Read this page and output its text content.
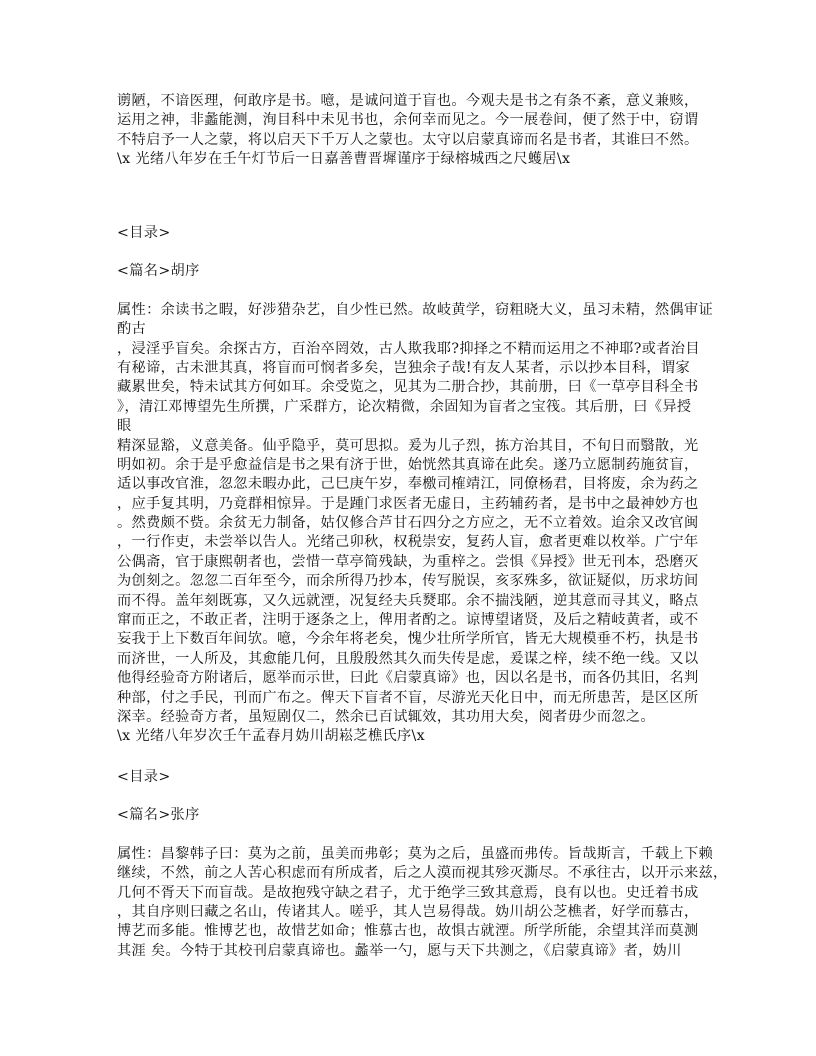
谫陋，不谙医理，何敢序是书。噫，是诚问道于盲也。今观夫是书之有条不紊，意义兼赅，
运用之神，非蠡能测，洵目科中未见书也，余何幸而见之。今一展卷间，便了然于中，窃谓
不特启予一人之蒙，将以启天下千万人之蒙也。太守以启蒙真谛而名是书者，其谁曰不然。
\x 光绪八年岁在壬午灯节后一日嘉善曹晋墀谨序于绿榕城西之尺蠖居\x
<目录>
<篇名>胡序
属性：余读书之暇，好涉猎杂艺，自少性已然。故岐黄学，窃粗晓大义，虽习未精，然偶审证
酌古
，浸淫乎盲矣。余探古方，百治卒罔效，古人欺我耶?抑择之不精而运用之不神耶?或者治目
有秘谛，古未泄其真，将盲而可悯者多矣，岂独余子哉!有友人某者，示以抄本目科，谓家
藏累世矣，特未试其方何如耳。余受览之，见其为二册合抄，其前册，曰《一草亭目科全书
》，清江邓博望先生所撰，广采群方，论次精微，余固知为盲者之宝筏。其后册，曰《异授
眼
精深显豁，义意美备。仙乎隐乎，莫可思拟。爰为儿子烈，拣方治其目，不旬日而翳散，光
明如初。余于是乎愈益信是书之果有济于世，始恍然其真谛在此矣。遂乃立愿制药施贫盲，
适以事改官淮，忽忽未暇办此，己巳庚午岁，奉檄司榷靖江，同僚杨君，目将废，余为药之
，应手复其明，乃竟群相惊异。于是踵门求医者无虚日，主药辅药者，是书中之最神妙方也
。然费颇不赀。余贫无力制备，姑仅修合芦甘石四分之方应之，无不立着效。迨余又改官闽
，一行作吏，未尝举以告人。光绪己卯秋，权税崇安，复药人盲，愈者更难以枚举。广宁年
公偶斋，官于康熙朝者也，尝惜一草亭简残缺，为重梓之。尝惧《异授》世无刊本，恐磨灭
为创刻之。忽忽二百年至今，而余所得乃抄本，传写脱误，亥豕殊多，欲证疑似，历求坊间
而不得。盖年刻既寡，又久远就湮，况复经夫兵燹耶。余不揣浅陋，逆其意而寻其义，略点
窜而正之，不敢正者，注明于逐条之上，俾用者酌之。谅博望诸贤，及后之精岐黄者，或不
妄我于上下数百年间欤。噫，今余年将老矣，愧少壮所学所官，皆无大规模垂不朽，执是书
而济世，一人所及，其愈能几何，且殷殷然其久而失传是虑，爰谋之梓，续不绝一线。又以
他得经验奇方附诸后，愿举而示世，曰此《启蒙真谛》也，因以名是书，而各仍其旧，名判
种部，付之手民，刊而广布之。俾天下盲者不盲，尽游光天化日中，而无所患苦，是区区所
深幸。经验奇方者，虽短剧仅二，然余已百试辄效，其功用大矣，阅者毋少而忽之。
\x 光绪八年岁次壬午孟春月妫川胡崧芝樵氏序\x
<目录>
<篇名>张序
属性：昌黎韩子曰：莫为之前，虽美而弗彰；莫为之后，虽盛而弗传。旨哉斯言，千载上下赖
继续，不然，前之人苦心积虑而有所成者，后之人漠而视其殄灭澌尽。不承往古，以开示来兹，
几何不胥天下而盲哉。是故抱残守缺之君子，尤于绝学三致其意焉，良有以也。史迁着书成
，其自序则曰藏之名山，传诸其人。嗟乎，其人岂易得哉。妫川胡公芝樵者，好学而慕古，
博艺而多能。惟博艺也，故惜艺如命；惟慕古也，故惧古就湮。所学所能，余望其洋而莫测
其涯 矣。今特于其校刊启蒙真谛也。蠡举一勺，愿与天下共测之，《启蒙真谛》者，妫川
